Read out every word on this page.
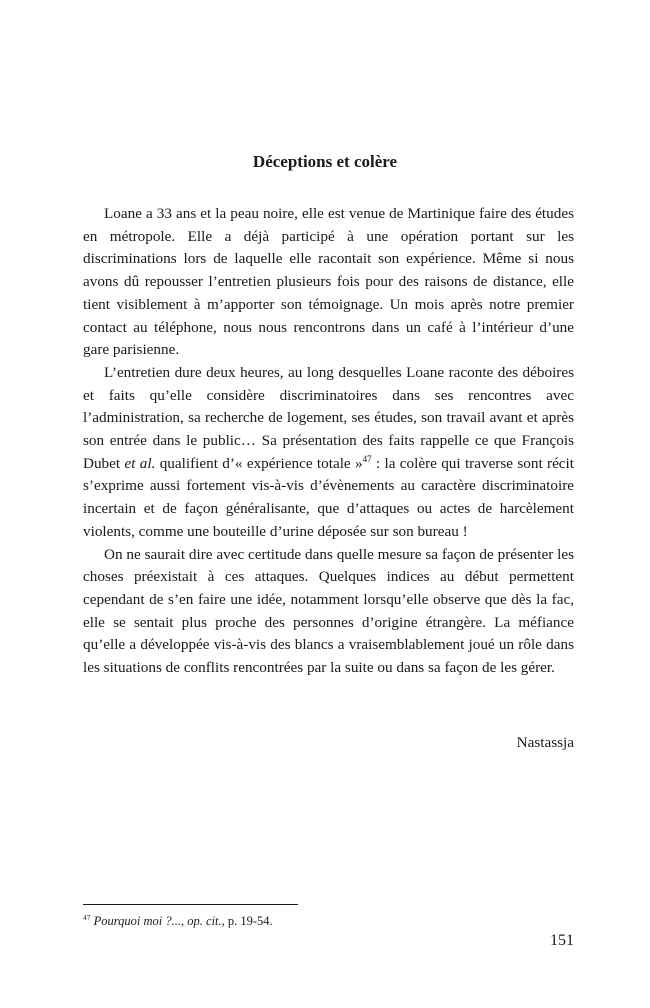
Déceptions et colère

Loane a 33 ans et la peau noire, elle est venue de Martinique faire des études en métropole. Elle a déjà participé à une opération portant sur les discriminations lors de laquelle elle racontait son expérience. Même si nous avons dû repousser l’entretien plusieurs fois pour des raisons de distance, elle tient visiblement à m’apporter son témoignage. Un mois après notre premier contact au téléphone, nous nous rencontrons dans un café à l’intérieur d’une gare parisienne.

L’entretien dure deux heures, au long desquelles Loane raconte des déboires et faits qu’elle considère discriminatoires dans ses rencontres avec l’administration, sa recherche de logement, ses études, son travail avant et après son entrée dans le public… Sa présentation des faits rappelle ce que François Dubet et al. qualifient d’« expérience totale »$^{47}$ : la colère qui traverse sont récit s’exprime aussi fortement vis-à-vis d’évènements au caractère discriminatoire incertain et de façon généralisante, que d’attaques ou actes de harcèlement violents, comme une bouteille d’urine déposée sur son bureau !

On ne saurait dire avec certitude dans quelle mesure sa façon de présenter les choses préexistait à ces attaques. Quelques indices au début permettent cependant de s’en faire une idée, notamment lorsqu’elle observe que dès la fac, elle se sentait plus proche des personnes d’origine étrangère. La méfiance qu’elle a développée vis-à-vis des blancs a vraisemblablement joué un rôle dans les situations de conflits rencontrées par la suite ou dans sa façon de les gérer.

Nastassja
$^{47}$ Pourquoi moi ?..., op. cit., p. 19-54.
151
